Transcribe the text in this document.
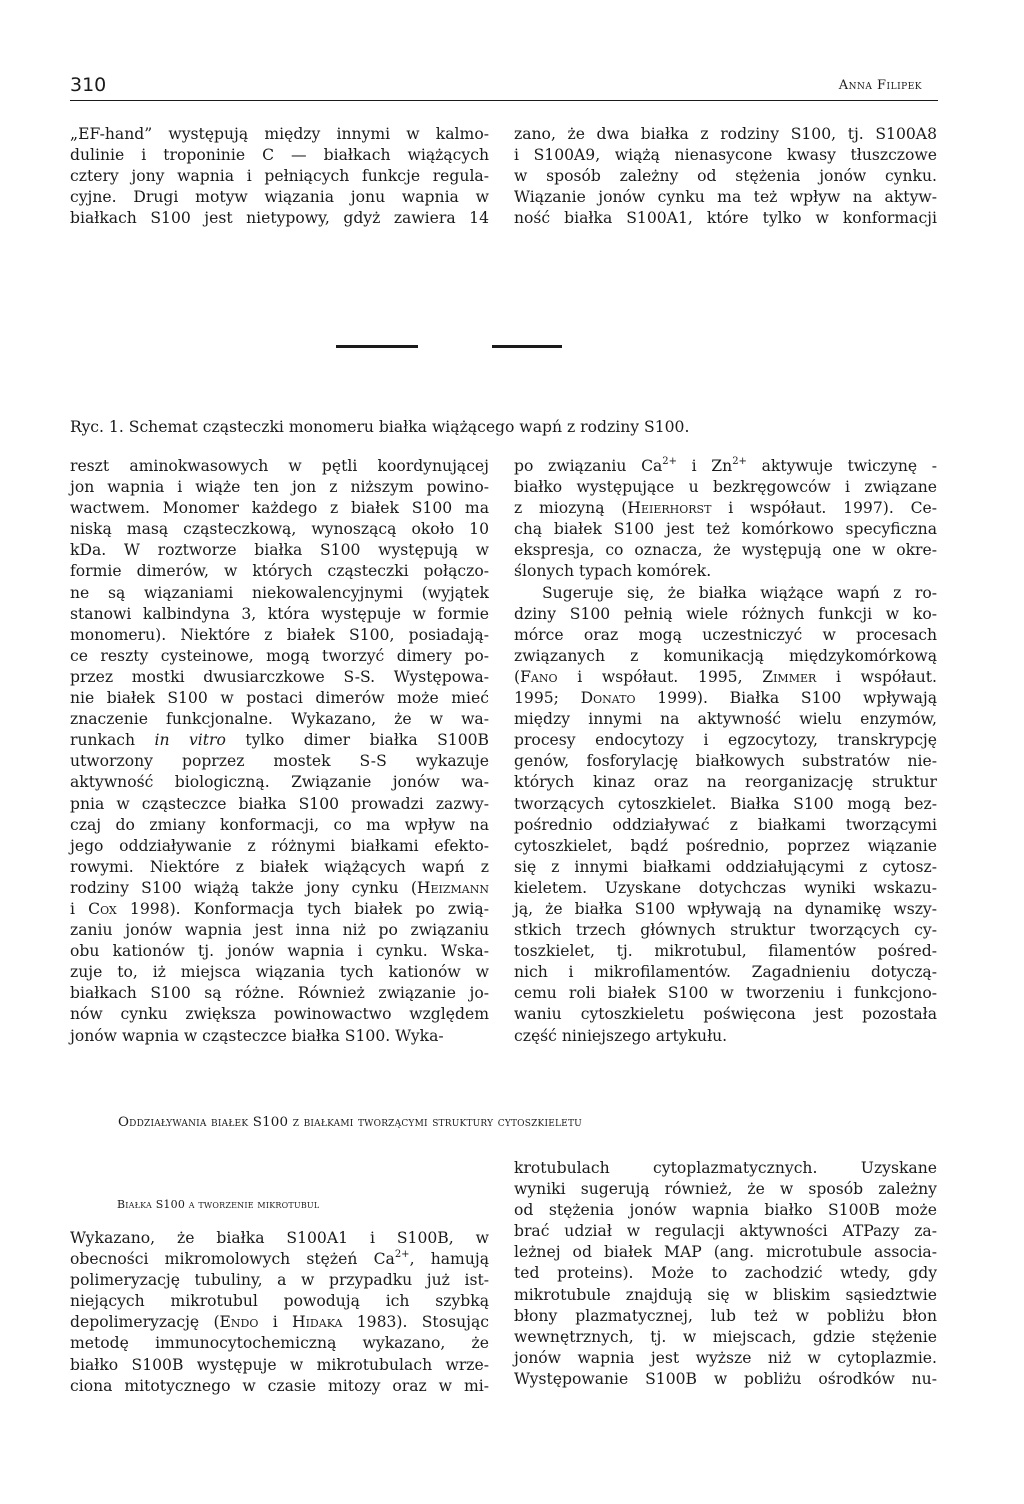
310	Anna Filipek
„EF-hand” występują między innymi w kalmo-
dulinie i troponinie C — białkach wiążących
cztery jony wapnia i pełniących funkcje regula-
cyjne. Drugi motyw wiązania jonu wapnia w
białkach S100 jest nietypowy, gdyż zawiera 14
zano, że dwa białka z rodziny S100, tj. S100A8
i S100A9, wiążą nienasycone kwasy tłuszczowe
w sposób zależny od stężenia jonów cynku.
Wiązanie jonów cynku ma też wpływ na aktyw-
ność białka S100A1, które tylko w konformacji
Ryc. 1. Schemat cząsteczki monomeru białka wiążącego wapń z rodziny S100.
reszt aminokwasowych w pętli koordynującej
jon wapnia i wiąże ten jon z niższym powino-
wactwem. Monomer każdego z białek S100 ma
niską masą cząsteczkową, wynoszącą około 10
kDa. W roztworze białka S100 występują w
formie dimerów, w których cząsteczki połączo-
ne są wiązaniami niekowalencyjnymi (wyjątek
stanowi kalbindyna 3, która występuje w formie
monomeru). Niektóre z białek S100, posiadają-
ce reszty cysteinowe, mogą tworzyć dimery po-
przez mostki dwusiarczkowe S-S. Występowa-
nie białek S100 w postaci dimerów może mieć
znaczenie funkcjonalne. Wykazano, że w wa-
runkach in vitro tylko dimer białka S100B
utworzony poprzez mostek S-S wykazuje
aktywność biologiczną. Związanie jonów wa-
pnia w cząsteczce białka S100 prowadzi zazwy-
czaj do zmiany konformacji, co ma wpływ na
jego oddziaływanie z różnymi białkami efekto-
rowymi. Niektóre z białek wiążących wapń z
rodziny S100 wiążą także jony cynku (Heizmann
i Cox 1998). Konformacja tych białek po zwią-
zaniu jonów wapnia jest inna niż po związaniu
obu kationów tj. jonów wapnia i cynku. Wska-
zuje to, iż miejsca wiązania tych kationów w
białkach S100 są różne. Również związanie jo-
nów cynku zwiększa powinowactwo względem
jonów wapnia w cząsteczce białka S100. Wyka-
po związaniu $Ca^{2+}$ i $Zn^{2+}$ aktywuje twiczynę -
białko występujące u bezkręgowców i związane
z miozyną (Heierhorst i współaut. 1997). Ce-
chą białek S100 jest też komórkowo specyficzna
ekspresja, co oznacza, że występują one w okre-
ślonych typach komórek.
Sugeruje się, że białka wiążące wapń z ro-
dziny S100 pełnią wiele różnych funkcji w ko-
mórce oraz mogą uczestniczyć w procesach
związanych z komunikacją międzykomórkową
(Fano i współaut. 1995, Zimmer i współaut.
1995; Donato 1999). Białka S100 wpływają
między innymi na aktywność wielu enzymów,
procesy endocytozy i egzocytozy, transkrypcję
genów, fosforylację białkowych substratów nie-
których kinaz oraz na reorganizację struktur
tworzących cytoszkielet. Białka S100 mogą bez-
pośrednio oddziaływać z białkami tworzącymi
cytoszkielet, bądź pośrednio, poprzez wiązanie
się z innymi białkami oddziałującymi z cytosz-
kieletem. Uzyskane dotychczas wyniki wskazu-
ją, że białka S100 wpływają na dynamikę wszy-
stkich trzech głównych struktur tworzących cy-
toszkielet, tj. mikrotubul, filamentów pośred-
nich i mikrofilamentów. Zagadnieniu dotyczą-
cemu roli białek S100 w tworzeniu i funkcjono-
waniu cytoszkieletu poświęcona jest pozostała
część niniejszego artykułu.
Oddziaływania białek S100 z białkami tworzącymi struktury cytoszkieletu
Białka S100 a tworzenie mikrotubul
Wykazano, że białka S100A1 i S100B, w
obecności mikromolowych stężeń $Ca^{2+}$, hamują
polimeryzację tubuliny, a w przypadku już ist-
niejących mikrotubul powodują ich szybką
depolimeryzację (Endo i Hidaka 1983). Stosując
metodę immunocytochemiczną wykazano, że
białko S100B występuje w mikrotubulach wrze-
ciona mitotycznego w czasie mitozy oraz w mi-
krotubulach cytoplazmatycznych. Uzyskane
wyniki sugerują również, że w sposób zależny
od stężenia jonów wapnia białko S100B może
brać udział w regulacji aktywności ATPazy za-
leżnej od białek MAP (ang. microtubule associa-
ted proteins). Może to zachodzić wtedy, gdy
mikrotubule znajdują się w bliskim sąsiedztwie
błony plazmatycznej, lub też w pobliżu błon
wewnętrznych, tj. w miejscach, gdzie stężenie
jonów wapnia jest wyższe niż w cytoplazmie.
Występowanie S100B w pobliżu ośrodków nu-
